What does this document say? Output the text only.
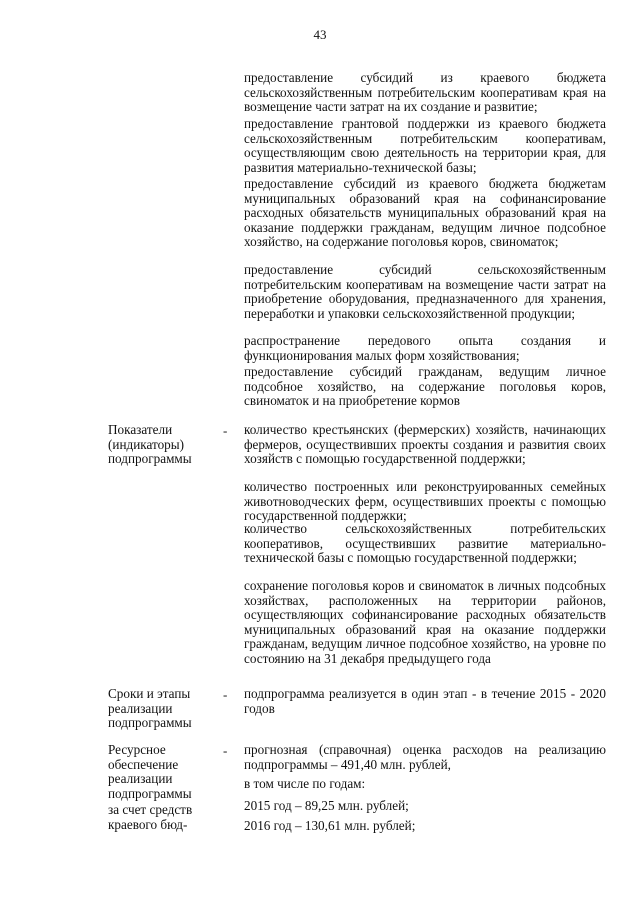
43

предоставление субсидий из краевого бюджета сельскохозяйственным потребительским кооперативам края на возмещение части затрат на их создание и развитие;

предоставление грантовой поддержки из краевого бюджета сельскохозяйственным потребительским кооперативам, осуществляющим свою деятельность на территории края, для развития материально-технической базы;

предоставление субсидий из краевого бюджета бюджетам муниципальных образований края на софинансирование расходных обязательств муниципальных образований края на оказание поддержки гражданам, ведущим личное подсобное хозяйство, на содержание поголовья коров, свиноматок;

предоставление субсидий сельскохозяйственным потребительским кооперативам на возмещение части затрат на приобретение оборудования, предназначенного для хранения, переработки и упаковки сельскохозяйственной продукции;

распространение передового опыта создания и функционирования малых форм хозяйствования;

предоставление субсидий гражданам, ведущим личное подсобное хозяйство, на содержание поголовья коров, свиноматок и на приобретение кормов

Показатели (индикаторы) подпрограммы

- количество крестьянских (фермерских) хозяйств, начинающих фермеров, осуществивших проекты создания и развития своих хозяйств с помощью государственной поддержки;

количество построенных или реконструированных семейных животноводческих ферм, осуществивших проекты с помощью государственной поддержки;

количество сельскохозяйственных потребительских кооперативов, осуществивших развитие материально-технической базы с помощью государственной поддержки;

сохранение поголовья коров и свиноматок в личных подсобных хозяйствах, расположенных на территории районов, осуществляющих софинансирование расходных обязательств муниципальных образований края на оказание поддержки гражданам, ведущим личное подсобное хозяйство, на уровне по состоянию на 31 декабря предыдущего года

Сроки и этапы реализации подпрограммы

- подпрограмма реализуется в один этап - в течение 2015 - 2020 годов

Ресурсное обеспечение реализации подпрограммы

- прогнозная (справочная) оценка расходов на реализацию подпрограммы – 491,40 млн. рублей,

в том числе по годам:

2015 год – 89,25 млн. рублей;

2016 год – 130,61 млн. рублей;

за счет средств краевого бюд-
